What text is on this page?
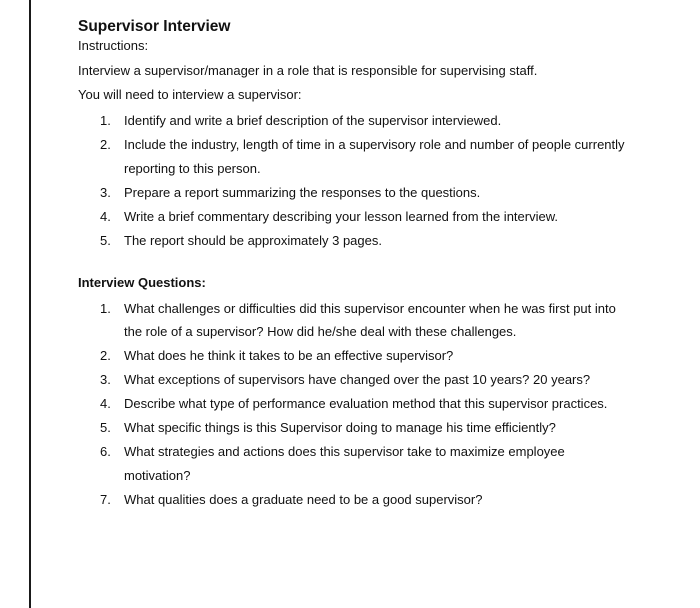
Supervisor Interview

Instructions:

Interview a supervisor/manager in a role that is responsible for supervising staff.

You will need to interview a supervisor:

1. Identify and write a brief description of the supervisor interviewed.
2. Include the industry, length of time in a supervisory role and number of people currently
reporting to this person.
3. Prepare a report summarizing the responses to the questions.
4. Write a brief commentary describing your lesson learned from the interview.
5. The report should be approximately 3 pages.
Interview Questions:
1. What challenges or difficulties did this supervisor encounter when he was first put into
the role of a supervisor? How did he/she deal with these challenges.
2. What does he think it takes to be an effective supervisor?
3. What exceptions of supervisors have changed over the past 10 years? 20 years?
4. Describe what type of performance evaluation method that this supervisor practices.
5. What specific things is this Supervisor doing to manage his time efficiently?
6. What strategies and actions does this supervisor take to maximize employee
motivation?
7. What qualities does a graduate need to be a good supervisor?
